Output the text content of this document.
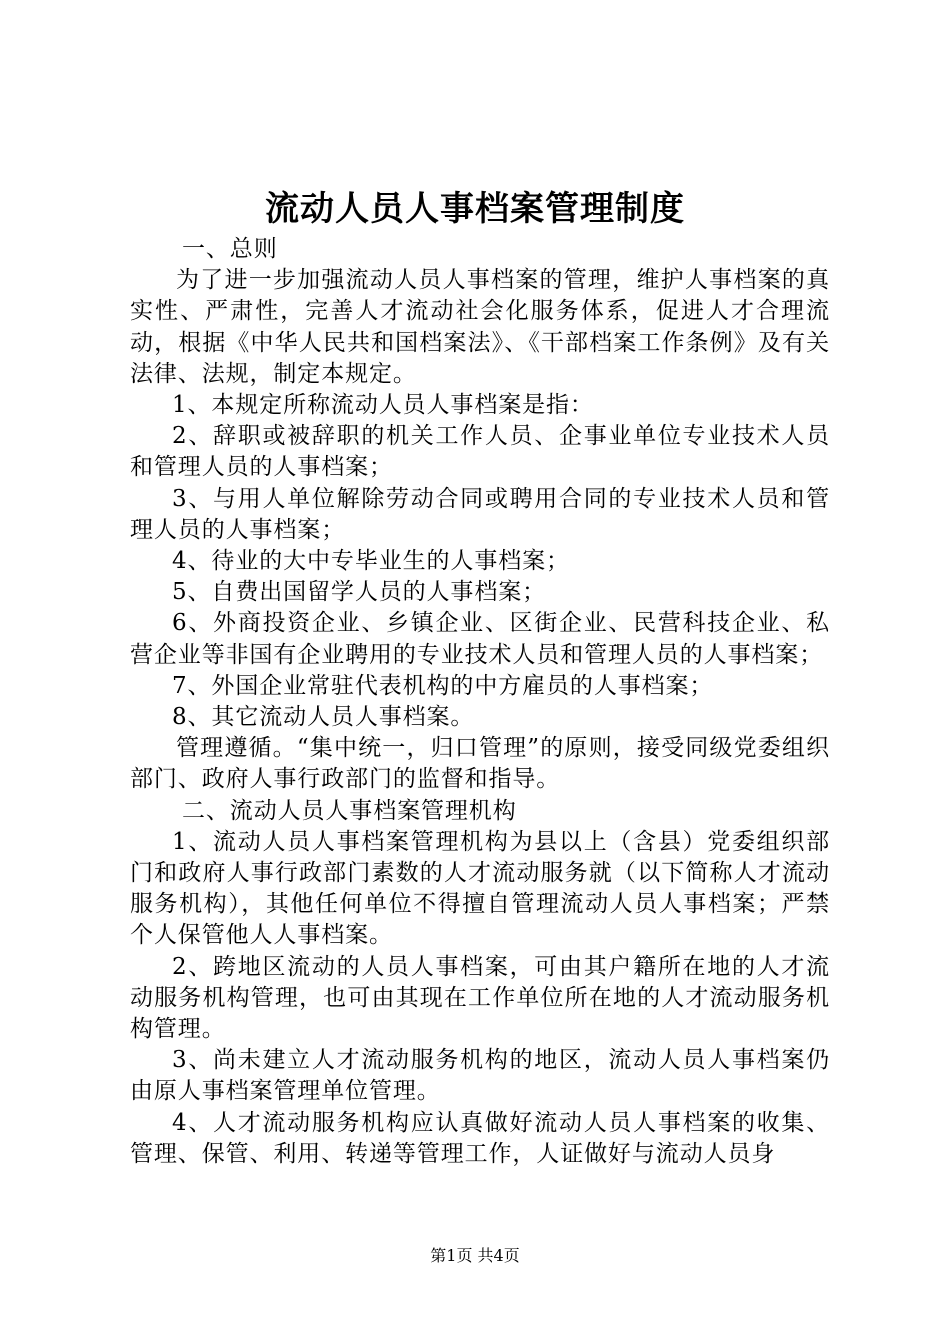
流动人员人事档案管理制度

一、总则

为了进一步加强流动人员人事档案的管理，维护人事档案的真实性、严肃性，完善人才流动社会化服务体系，促进人才合理流动，根据《中华人民共和国档案法》、《干部档案工作条例》及有关法律、法规，制定本规定。

1、本规定所称流动人员人事档案是指：

2、辞职或被辞职的机关工作人员、企事业单位专业技术人员和管理人员的人事档案；

3、与用人单位解除劳动合同或聘用合同的专业技术人员和管理人员的人事档案；

4、待业的大中专毕业生的人事档案；

5、自费出国留学人员的人事档案；

6、外商投资企业、乡镇企业、区街企业、民营科技企业、私营企业等非国有企业聘用的专业技术人员和管理人员的人事档案；

7、外国企业常驻代表机构的中方雇员的人事档案；

8、其它流动人员人事档案。

管理遵循。“集中统一，归口管理”的原则，接受同级党委组织部门、政府人事行政部门的监督和指导。

二、流动人员人事档案管理机构

1、流动人员人事档案管理机构为县以上（含县）党委组织部门和政府人事行政部门素数的人才流动服务就（以下简称人才流动服务机构），其他任何单位不得擅自管理流动人员人事档案；严禁个人保管他人人事档案。

2、跨地区流动的人员人事档案，可由其户籍所在地的人才流动服务机构管理，也可由其现在工作单位所在地的人才流动服务机构管理。

3、尚未建立人才流动服务机构的地区，流动人员人事档案仍由原人事档案管理单位管理。

4、人才流动服务机构应认真做好流动人员人事档案的收集、管理、保管、利用、转递等管理工作，人证做好与流动人员身

第1页 共4页
